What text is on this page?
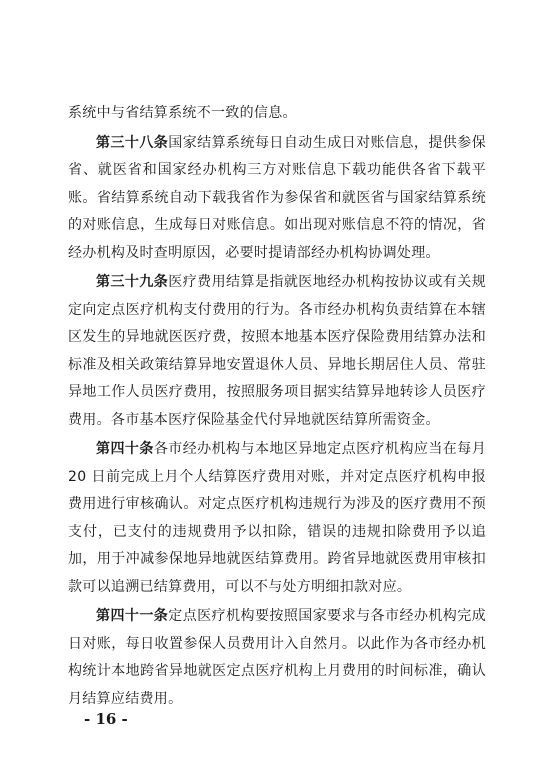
系统中与省结算系统不一致的信息。

第三十八条国家结算系统每日自动生成日对账信息，提供参保省、就医省和国家经办机构三方对账信息下载功能供各省下载平账。省结算系统自动下载我省作为参保省和就医省与国家结算系统的对账信息，生成每日对账信息。如出现对账信息不符的情况，省经办机构及时查明原因，必要时提请部经办机构协调处理。

第三十九条医疗费用结算是指就医地经办机构按协议或有关规定向定点医疗机构支付费用的行为。各市经办机构负责结算在本辖区发生的异地就医医疗费，按照本地基本医疗保险费用结算办法和标准及相关政策结算异地安置退休人员、异地长期居住人员、常驻异地工作人员医疗费用，按照服务项目据实结算异地转诊人员医疗费用。各市基本医疗保险基金代付异地就医结算所需资金。

第四十条各市经办机构与本地区异地定点医疗机构应当在每月 20 日前完成上月个人结算医疗费用对账，并对定点医疗机构申报费用进行审核确认。对定点医疗机构违规行为涉及的医疗费用不预支付，已支付的违规费用予以扣除，错误的违规扣除费用予以追加，用于冲减参保地异地就医结算费用。跨省异地就医费用审核扣款可以追溯已结算费用，可以不与处方明细扣款对应。

第四十一条定点医疗机构要按照国家要求与各市经办机构完成日对账，每日收置参保人员费用计入自然月。以此作为各市经办机构统计本地跨省异地就医定点医疗机构上月费用的时间标准，确认月结算应结费用。

- 16 -
